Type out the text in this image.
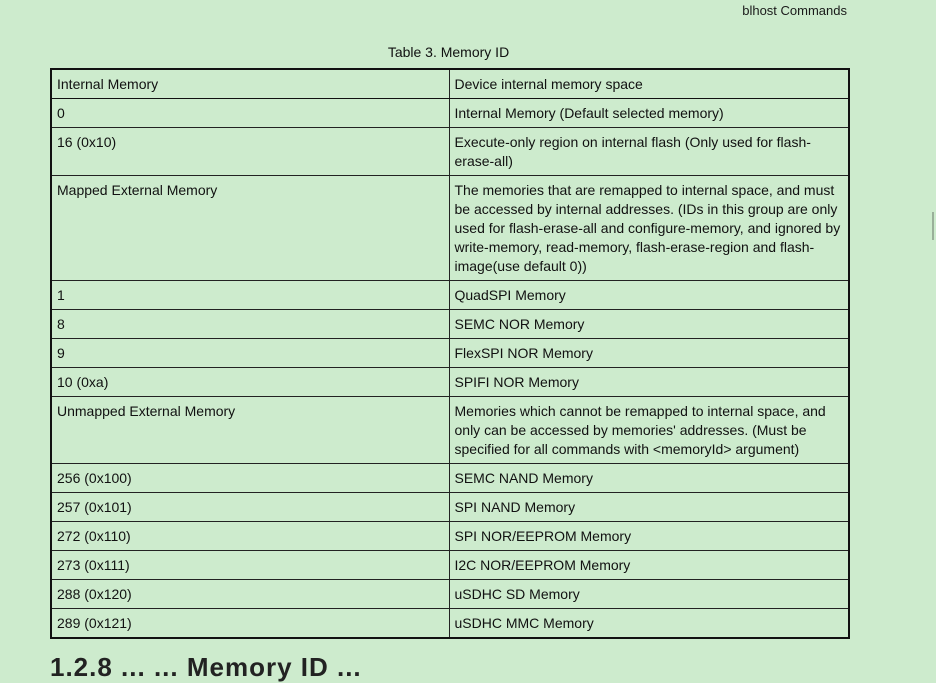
blhost Commands
Table 3. Memory ID
Internal Memory	Device internal memory space
0	Internal Memory (Default selected memory)
16 (0x10)	Execute-only region on internal flash (Only used for flash-erase-all)
Mapped External Memory	The memories that are remapped to internal space, and must be accessed by internal addresses. (IDs in this group are only used for flash-erase-all and configure-memory, and ignored by write-memory, read-memory, flash-erase-region and flash-image(use default 0))
1	QuadSPI Memory
8	SEMC NOR Memory
9	FlexSPI NOR Memory
10 (0xa)	SPIFI NOR Memory
Unmapped External Memory	Memories which cannot be remapped to internal space, and only can be accessed by memories' addresses. (Must be specified for all commands with <memoryId> argument)
256 (0x100)	SEMC NAND Memory
257 (0x101)	SPI NAND Memory
272 (0x110)	SPI NOR/EEPROM Memory
273 (0x111)	I2C NOR/EEPROM Memory
288 (0x120)	uSDHC SD Memory
289 (0x121)	uSDHC MMC Memory
1.2.8 ... ... Memory ID ...
